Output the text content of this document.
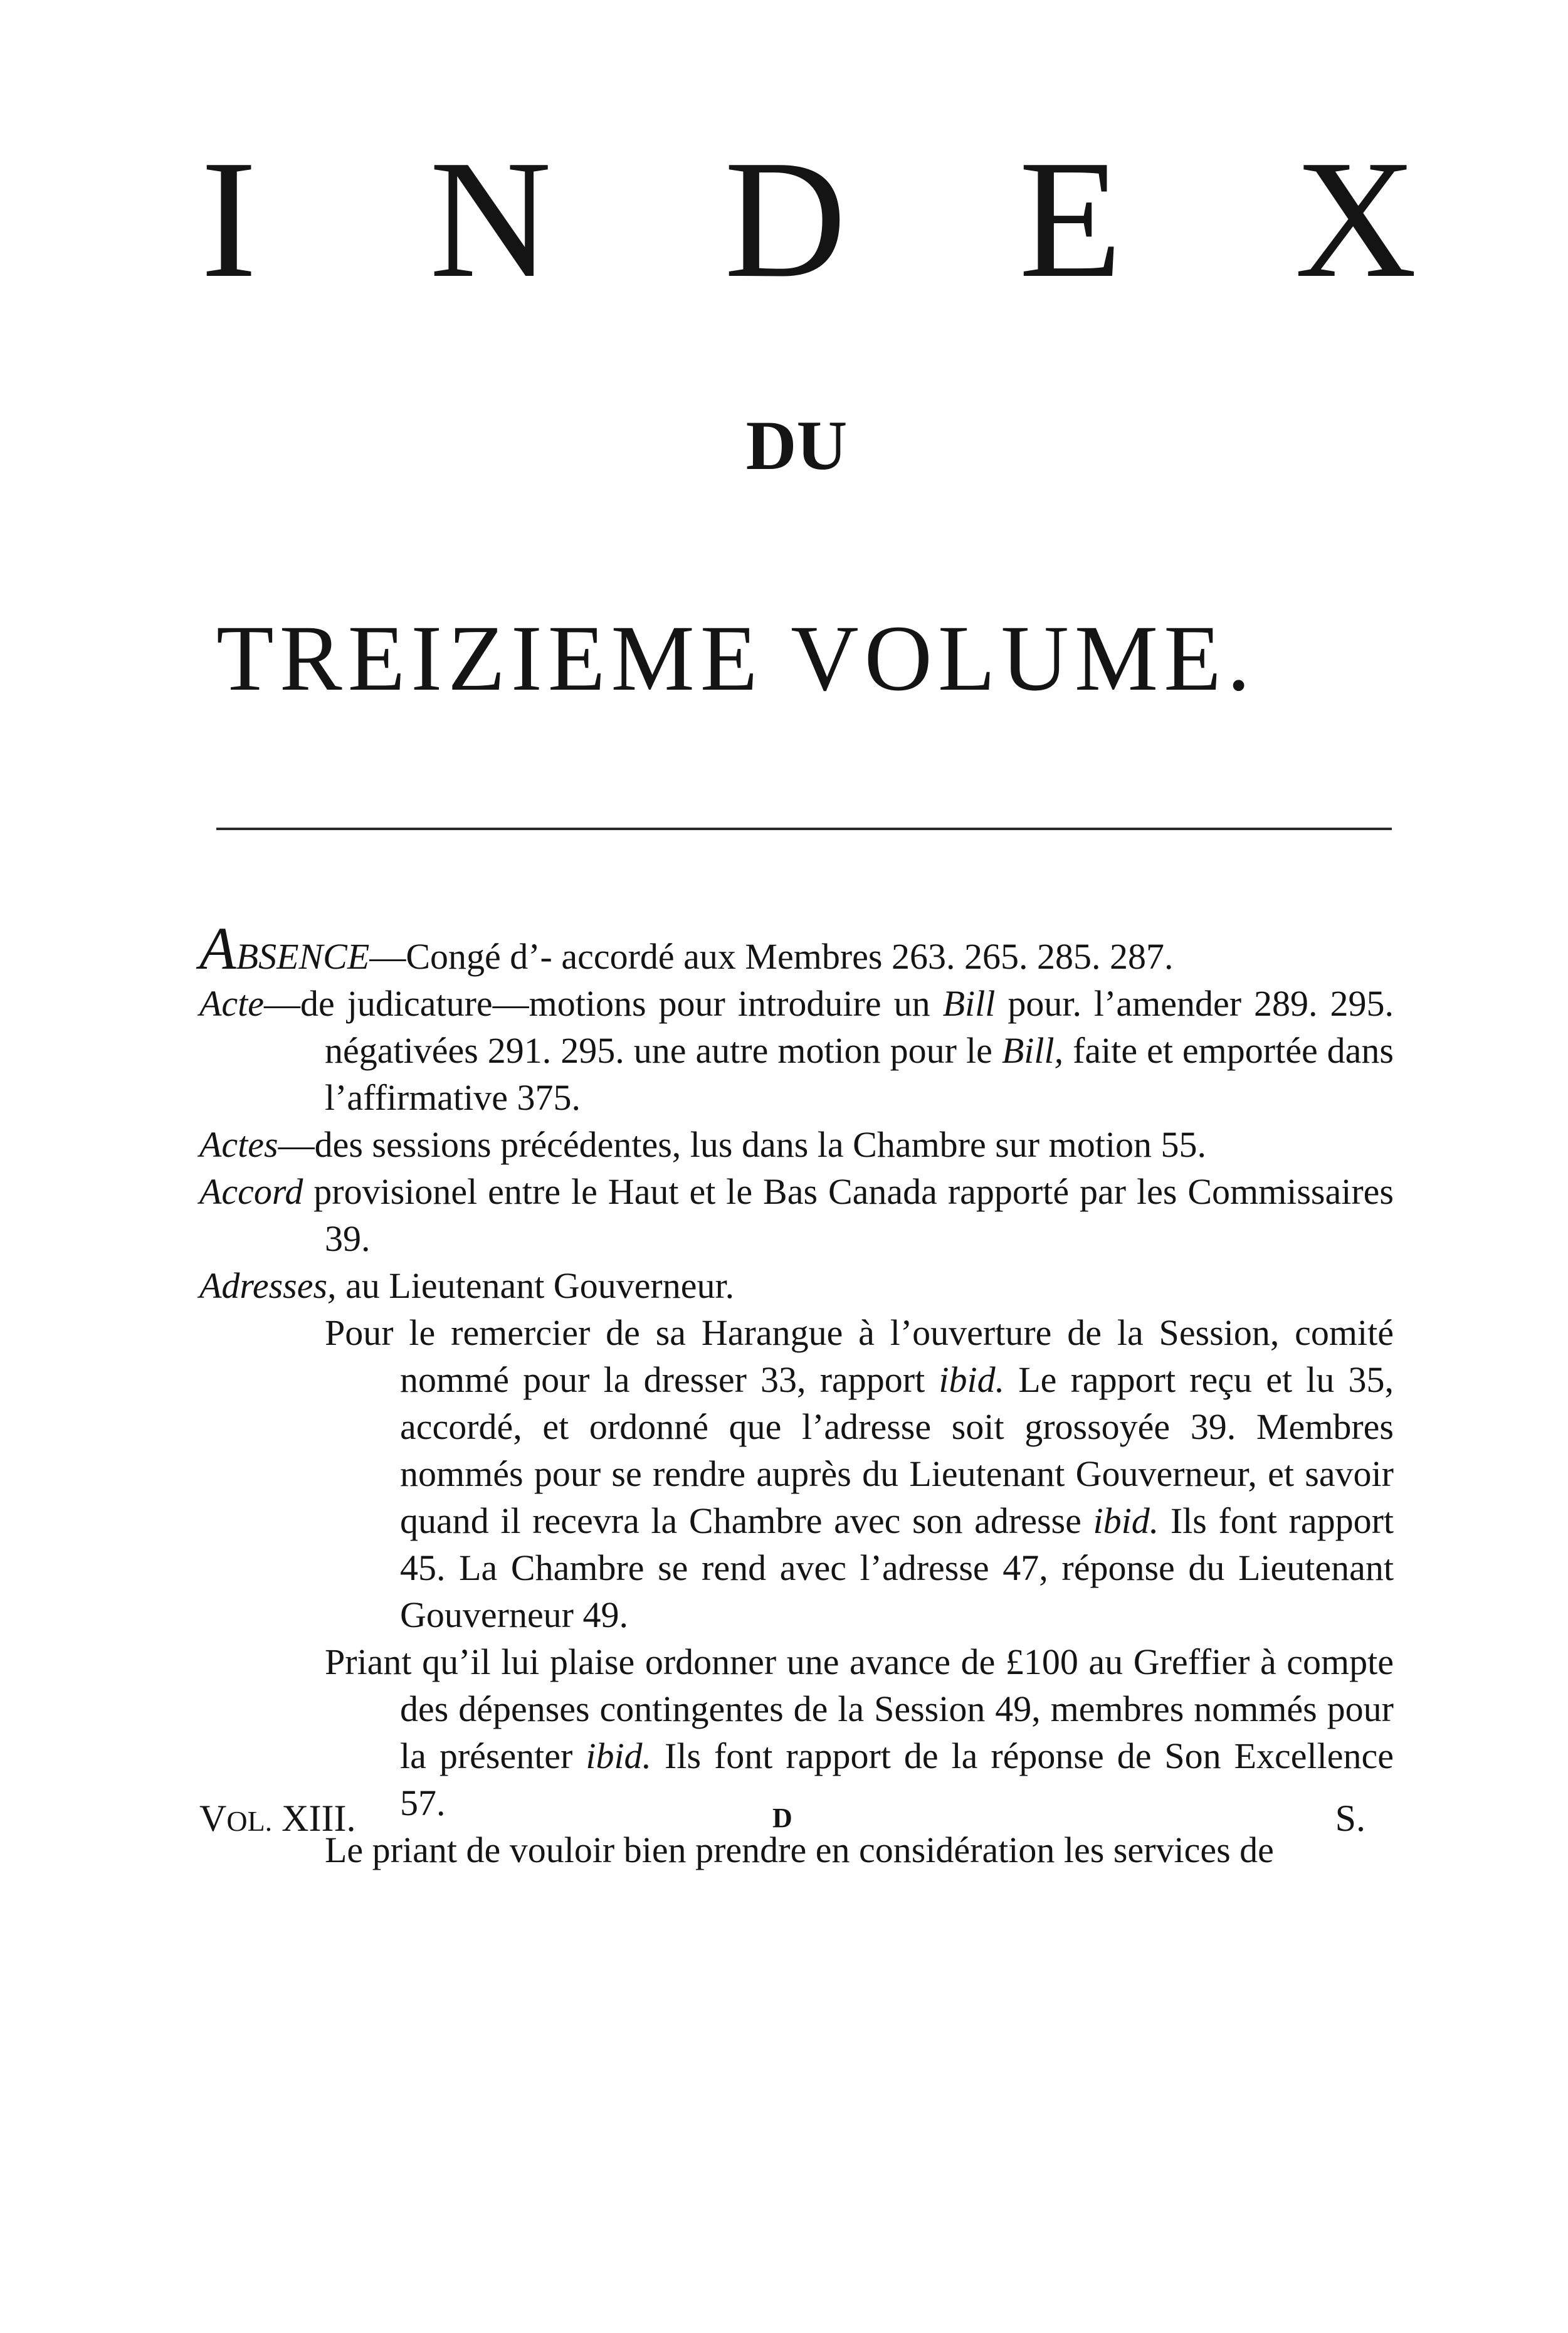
I N D E X
DU
TREIZIEME VOLUME.

ABSENCE—Congé d’- accordé aux Membres 263. 265. 285. 287.

Acte—de judicature—motions pour introduire un Bill pour. l’amender 289. 295. négativées 291. 295. une autre motion pour le Bill, faite et emportée dans l’affirmative 375.

Actes—des sessions précédentes, lus dans la Chambre sur motion 55.

Accord provisionel entre le Haut et le Bas Canada rapporté par les Commissaires 39.

Adresses, au Lieutenant Gouverneur.

Pour le remercier de sa Harangue à l’ouverture de la Session, comité nommé pour la dresser 33, rapport ibid. Le rapport reçu et lu 35, accordé, et ordonné que l’adresse soit grossoyée 39. Membres nommés pour se rendre auprès du Lieutenant Gouverneur, et savoir quand il recevra la Chambre avec son adresse ibid. Ils font rapport 45. La Chambre se rend avec l’adresse 47, réponse du Lieutenant Gouverneur 49.

Priant qu’il lui plaise ordonner une avance de £100 au Greffier à compte des dépenses contingentes de la Session 49, membres nommés pour la présenter ibid. Ils font rapport de la réponse de Son Excellence 57.

Le priant de vouloir bien prendre en considération les services de

VOL. XIII.	D	S.
